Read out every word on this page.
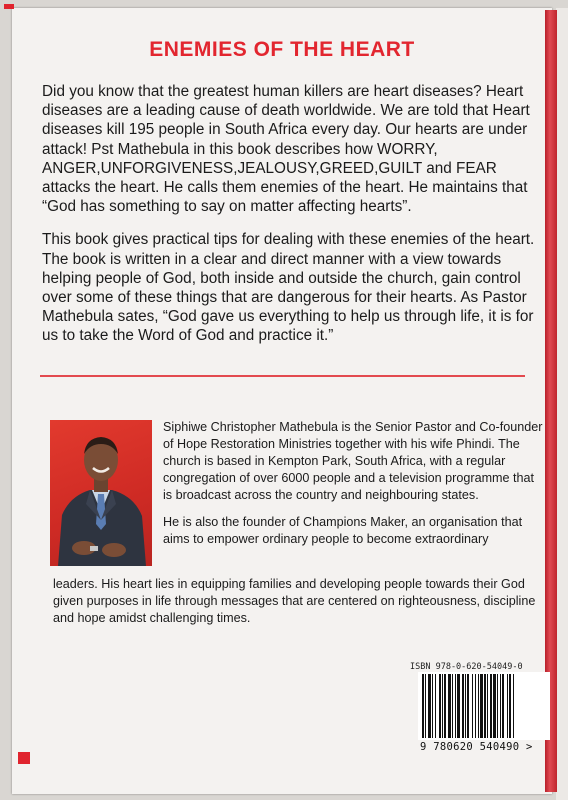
ENEMIES OF THE HEART

Did you know that the greatest human killers are heart diseases? Heart diseases are a leading cause of death worldwide. We are told that Heart diseases kill 195 people in South Africa every day. Our hearts are under attack! Pst Mathebula in this book describes how WORRY, ANGER,UNFORGIVENESS,JEALOUSY,GREED,GUILT and FEAR attacks the heart. He calls them enemies of the heart. He maintains that “God has something to say on matter affecting hearts”.

This book gives practical tips for dealing with these enemies of the heart. The book is written in a clear and direct manner with a view towards helping people of God, both inside and outside the church, gain control over some of these things that are dangerous for their hearts. As Pastor Mathebula sates, “God gave us everything to help us through life, it is for us to take the Word of God and practice it.”

Siphiwe Christopher Mathebula is the Senior Pastor and Co-founder of Hope Restoration Ministries together with his wife Phindi. The church is based in Kempton Park, South Africa, with a regular congregation of over 6000 people and a television programme that is broadcast across the country and neighbouring states.

He is also the founder of Champions Maker, an organisation that aims to empower ordinary people to become extraordinary

leaders. His heart lies in equipping families and developing people towards their God given purposes in life through messages that are centered on righteousness, discipline and hope amidst challenging times.
ISBN 978-0-620-54049-0
9 780620 540490 >
